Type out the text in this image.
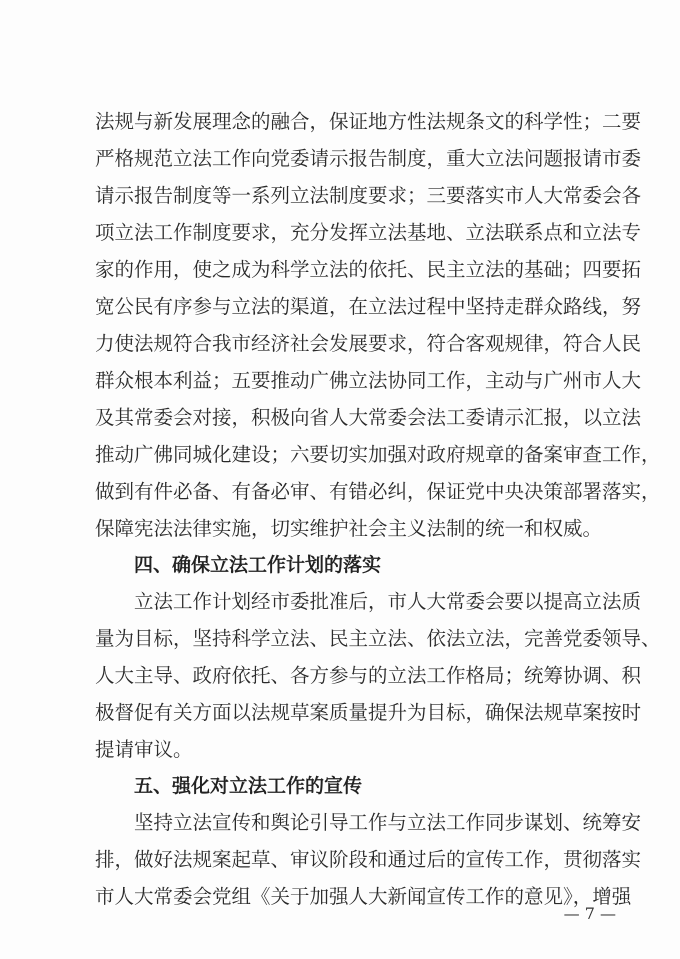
法规与新发展理念的融合，保证地方性法规条文的科学性；二要
严格规范立法工作向党委请示报告制度，重大立法问题报请市委
请示报告制度等一系列立法制度要求；三要落实市人大常委会各
项立法工作制度要求，充分发挥立法基地、立法联系点和立法专
家的作用，使之成为科学立法的依托、民主立法的基础；四要拓
宽公民有序参与立法的渠道，在立法过程中坚持走群众路线，努
力使法规符合我市经济社会发展要求，符合客观规律，符合人民
群众根本利益；五要推动广佛立法协同工作，主动与广州市人大
及其常委会对接，积极向省人大常委会法工委请示汇报，以立法
推动广佛同城化建设；六要切实加强对政府规章的备案审查工作，
做到有件必备、有备必审、有错必纠，保证党中央决策部署落实，
保障宪法法律实施，切实维护社会主义法制的统一和权威。
四、确保立法工作计划的落实
立法工作计划经市委批准后，市人大常委会要以提高立法质
量为目标，坚持科学立法、民主立法、依法立法，完善党委领导、
人大主导、政府依托、各方参与的立法工作格局；统筹协调、积
极督促有关方面以法规草案质量提升为目标，确保法规草案按时
提请审议。
五、强化对立法工作的宣传
坚持立法宣传和舆论引导工作与立法工作同步谋划、统筹安
排，做好法规案起草、审议阶段和通过后的宣传工作，贯彻落实
市人大常委会党组《关于加强人大新闻宣传工作的意见》，增强
— 7 —
